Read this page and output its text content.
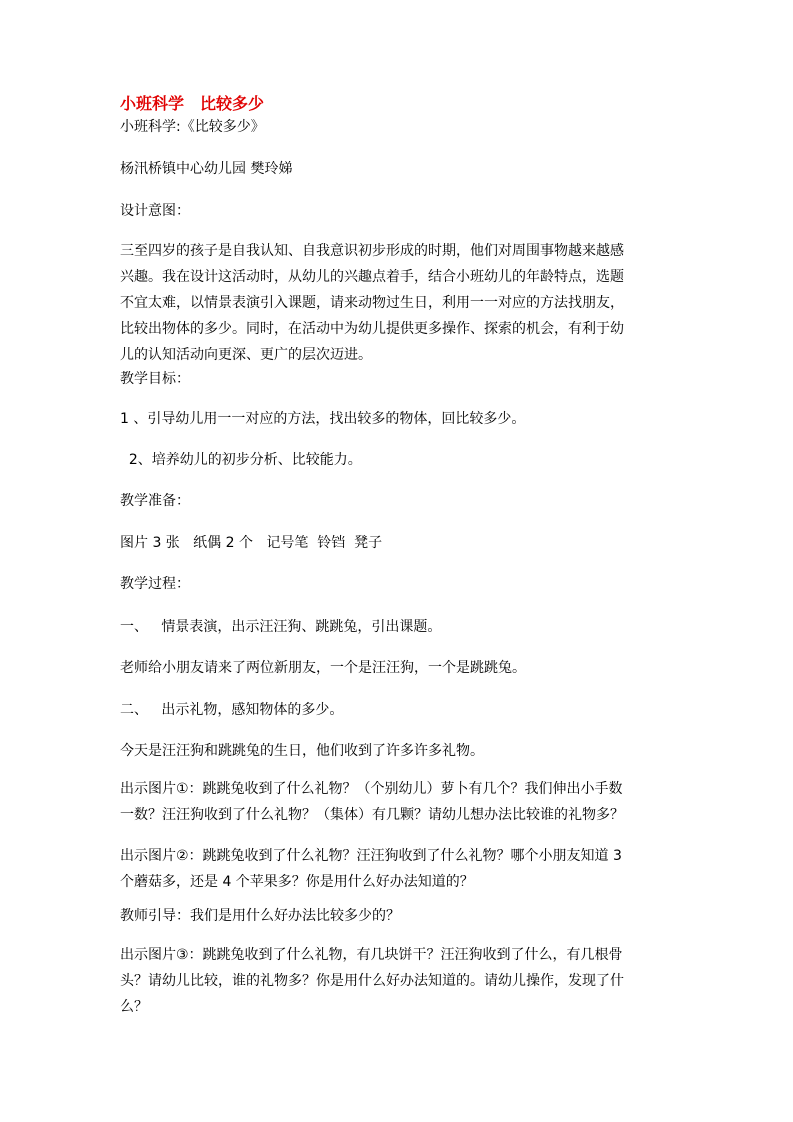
小班科学　比较多少
小班科学:《比较多少》
杨汛桥镇中心幼儿园 樊玲娣
设计意图：
三至四岁的孩子是自我认知、自我意识初步形成的时期，他们对周围事物越来越感
兴趣。我在设计这活动时，从幼儿的兴趣点着手，结合小班幼儿的年龄特点，选题
不宜太难，以情景表演引入课题，请来动物过生日，利用一一对应的方法找朋友，
比较出物体的多少。同时，在活动中为幼儿提供更多操作、探索的机会，有利于幼
儿的认知活动向更深、更广的层次迈进。
教学目标：
1 、引导幼儿用一一对应的方法，找出较多的物体，回比较多少。
2、培养幼儿的初步分析、比较能力。
教学准备：
图片 3 张   纸偶 2 个   记号笔  铃铛  凳子
教学过程：
一、   情景表演，出示汪汪狗、跳跳兔，引出课题。
老师给小朋友请来了两位新朋友，一个是汪汪狗，一个是跳跳兔。
二、   出示礼物，感知物体的多少。
今天是汪汪狗和跳跳兔的生日，他们收到了许多许多礼物。
出示图片①：跳跳兔收到了什么礼物？（个别幼儿）萝卜有几个？我们伸出小手数
一数？汪汪狗收到了什么礼物？（集体）有几颗？请幼儿想办法比较谁的礼物多？
出示图片②：跳跳兔收到了什么礼物？汪汪狗收到了什么礼物？哪个小朋友知道 3
个蘑菇多，还是 4 个苹果多？你是用什么好办法知道的？
教师引导：我们是用什么好办法比较多少的？
出示图片③：跳跳兔收到了什么礼物，有几块饼干？汪汪狗收到了什么，有几根骨
头？请幼儿比较，谁的礼物多？你是用什么好办法知道的。请幼儿操作，发现了什
么？
